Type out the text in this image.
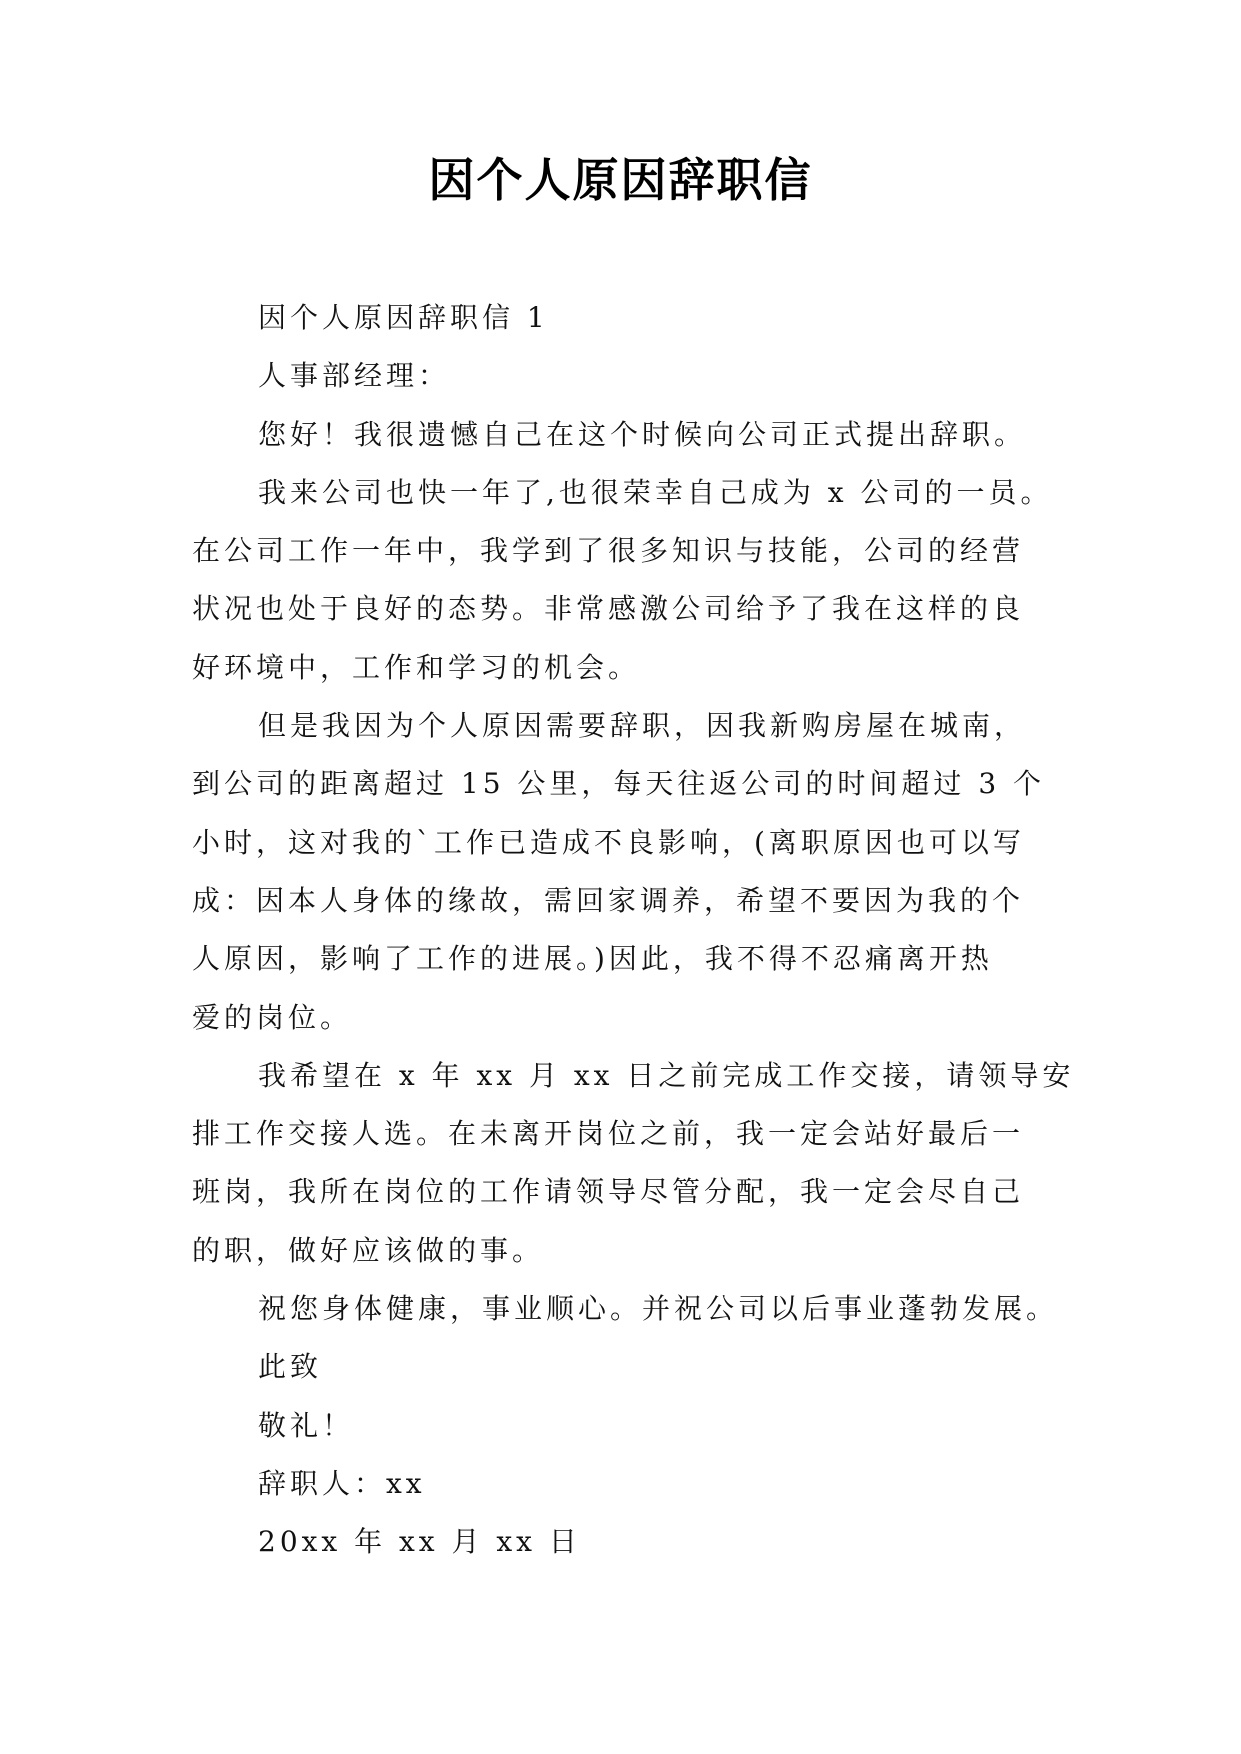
因个人原因辞职信
因个人原因辞职信 1
人事部经理：
您好！我很遗憾自己在这个时候向公司正式提出辞职。
我来公司也快一年了,也很荣幸自己成为 x 公司的一员。
在公司工作一年中，我学到了很多知识与技能，公司的经营
状况也处于良好的态势。非常感激公司给予了我在这样的良
好环境中，工作和学习的机会。
但是我因为个人原因需要辞职，因我新购房屋在城南，
到公司的距离超过 15 公里，每天往返公司的时间超过 3 个
小时，这对我的`工作已造成不良影响，(离职原因也可以写
成：因本人身体的缘故，需回家调养，希望不要因为我的个
人原因，影响了工作的进展。)因此，我不得不忍痛离开热
爱的岗位。
我希望在 x 年 xx 月 xx 日之前完成工作交接，请领导安
排工作交接人选。在未离开岗位之前，我一定会站好最后一
班岗，我所在岗位的工作请领导尽管分配，我一定会尽自己
的职，做好应该做的事。
祝您身体健康，事业顺心。并祝公司以后事业蓬勃发展。
此致
敬礼！
辞职人：xx
20xx 年 xx 月 xx 日
